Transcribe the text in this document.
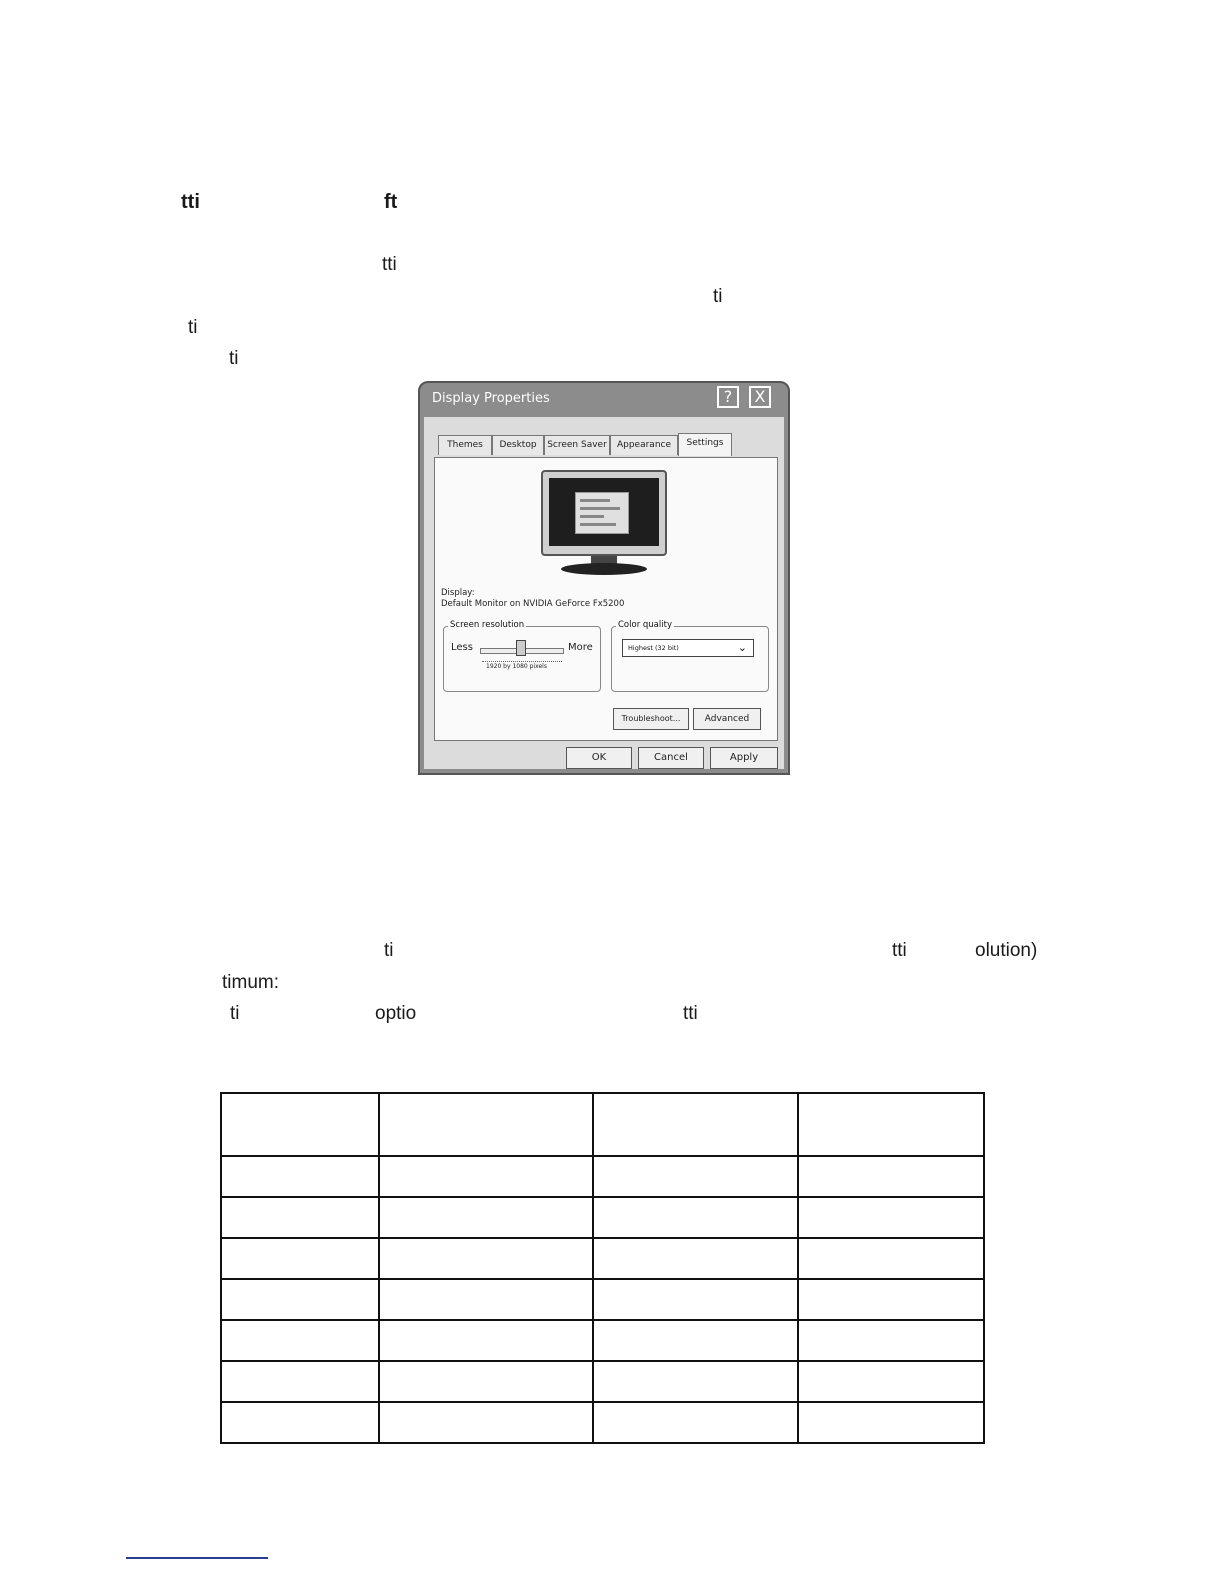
tti	ft
tti
ti
ti
ti
Display Properties	?	X
Themes	Desktop	Screen Saver	Appearance	Settings
Display:
Default Monitor on NVIDIA GeForce Fx5200
Screen resolution
Less	More
1920 by 1080 pixels
Color quality
Highest (32 bit)	⌄
Troubleshoot...	Advanced
OK	Cancel	Apply
ti	tti	olution)
timum:
ti	optio	tti
